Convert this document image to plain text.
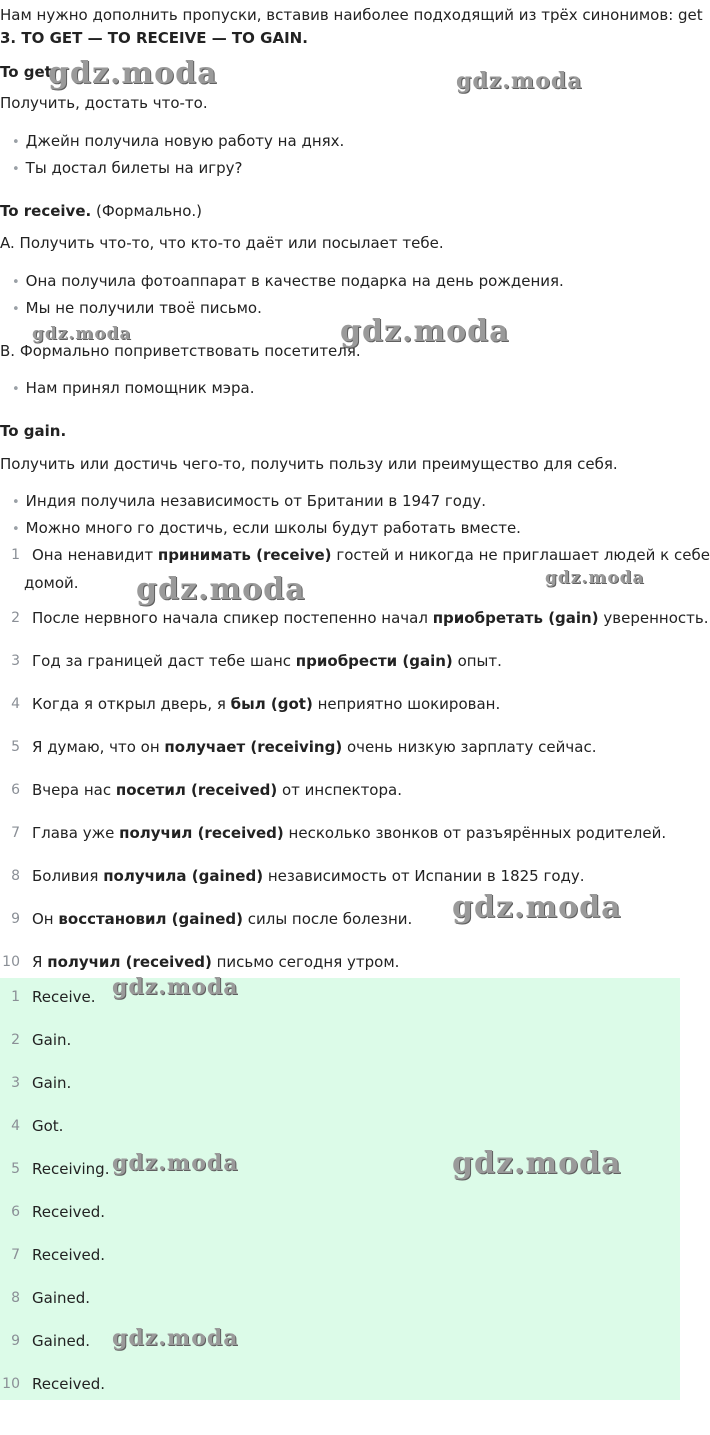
Нам нужно дополнить пропуски, вставив наиболее подходящий из трёх синонимов: get
3. TO GET — TO RECEIVE — TO GAIN.
To get.
Получить, достать что-то.
• Джейн получила новую работу на днях.
• Ты достал билеты на игру?
To receive. (Формально.)
A. Получить что-то, что кто-то даёт или посылает тебе.
• Она получила фотоаппарат в качестве подарка на день рождения.
• Мы не получили твоё письмо.
B. Формально поприветствовать посетителя.
• Нам принял помощник мэра.
To gain.
Получить или достичь чего-то, получить пользу или преимущество для себя.
• Индия получила независимость от Британии в 1947 году.
• Можно много го достичь, если школы будут работать вместе.
1 Она ненавидит принимать (receive) гостей и никогда не приглашает людей к себе
домой.
2 После нервного начала спикер постепенно начал приобретать (gain) уверенность.
3 Год за границей даст тебе шанс приобрести (gain) опыт.
4 Когда я открыл дверь, я был (got) неприятно шокирован.
5 Я думаю, что он получает (receiving) очень низкую зарплату сейчас.
6 Вчера нас посетил (received) от инспектора.
7 Глава уже получил (received) несколько звонков от разъярённых родителей.
8 Боливия получила (gained) независимость от Испании в 1825 году.
9 Он восстановил (gained) силы после болезни.
10 Я получил (received) письмо сегодня утром.
1 Receive.
2 Gain.
3 Gain.
4 Got.
5 Receiving.
6 Received.
7 Received.
8 Gained.
9 Gained.
10 Received.
gdz.moda	gdz.moda
gdz.moda	gdz.moda
gdz.moda	gdz.moda
gdz.moda
gdz.moda
gdz.moda	gdz.moda
gdz.moda
